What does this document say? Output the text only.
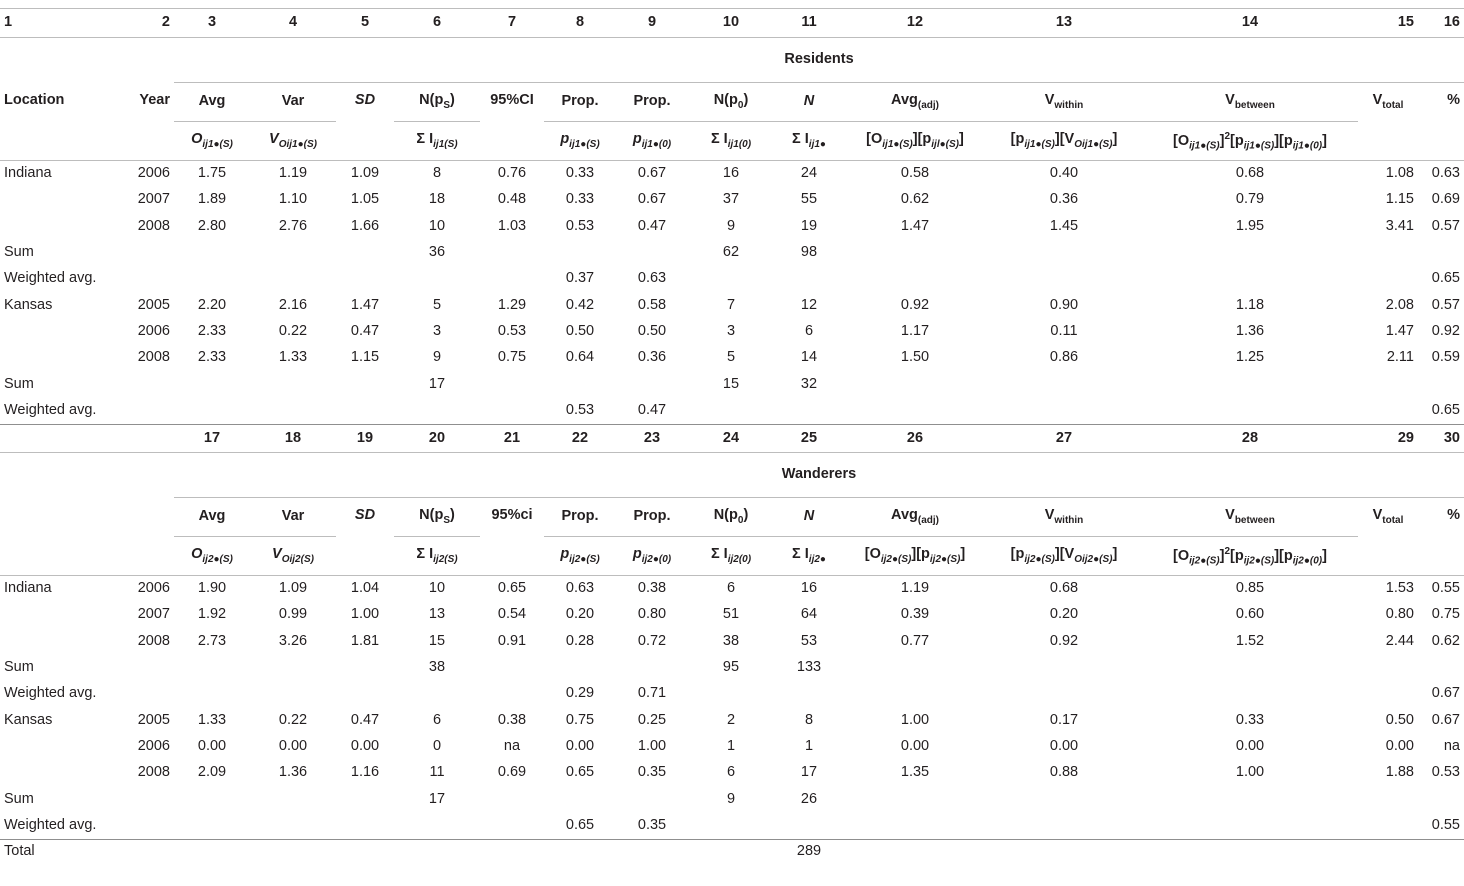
1	2	3	4	5	6	7	8	9	10	11	12	13	14	15	16
		Residents													
Location	Year	Avg	Var	SD	$N(p_S)$	95%CI	Prop.	Prop.	$N(p_0)$	N	Avg$_{(adj)}$	$V_{within}$	$V_{between}$	$V_{total}$	%
		$O_{ij1●(S)}$	$V_{Oij1●(S)}$		Σ $I_{ij1(S)}$		$p_{ij1●(S)}$	$p_{ij1●(0)}$	Σ $I_{ij1(0)}$	Σ $I_{ij1●}$	$[O_{ij1●(S)}][p_{ijl●(S)}]$	$[p_{ij1●(S)}][V_{Oij1●(S)}]$	$[O_{ij1●(S)}]^2[p_{ij1●(S)}][p_{ij1●(0)}]$		
Indiana	2006	1.75	1.19	1.09	8	0.76	0.33	0.67	16	24	0.58	0.40	0.68	1.08	0.63
	2007	1.89	1.10	1.05	18	0.48	0.33	0.67	37	55	0.62	0.36	0.79	1.15	0.69
	2008	2.80	2.76	1.66	10	1.03	0.53	0.47	9	19	1.47	1.45	1.95	3.41	0.57
Sum					36				62	98					
Weighted avg.							0.37	0.63							0.65
Kansas	2005	2.20	2.16	1.47	5	1.29	0.42	0.58	7	12	0.92	0.90	1.18	2.08	0.57
	2006	2.33	0.22	0.47	3	0.53	0.50	0.50	3	6	1.17	0.11	1.36	1.47	0.92
	2008	2.33	1.33	1.15	9	0.75	0.64	0.36	5	14	1.50	0.86	1.25	2.11	0.59
Sum					17				15	32					
Weighted avg.							0.53	0.47							0.65
		17	18	19	20	21	22	23	24	25	26	27	28	29	30
		Wanderers													
		Avg	Var	SD	$N(p_S)$	95%ci	Prop.	Prop.	$N(p_0)$	N	Avg$_{(adj)}$	$V_{within}$	$V_{between}$	$V_{total}$	%
		$O_{ij2●(S)}$	$V_{Oij2(S)}$		Σ $I_{ij2(S)}$		$p_{ij2●(S)}$	$p_{ij2●(0)}$	Σ $I_{ij2(0)}$	Σ $I_{ij2●}$	$[O_{ij2●(S)}][p_{ij2●(S)}]$	$[p_{ij2●(S)}][V_{Oij2●(S)}]$	$[O_{ij2●(S)}]^2[p_{ij2●(S)}][p_{ij2●(0)}]$		
Indiana	2006	1.90	1.09	1.04	10	0.65	0.63	0.38	6	16	1.19	0.68	0.85	1.53	0.55
	2007	1.92	0.99	1.00	13	0.54	0.20	0.80	51	64	0.39	0.20	0.60	0.80	0.75
	2008	2.73	3.26	1.81	15	0.91	0.28	0.72	38	53	0.77	0.92	1.52	2.44	0.62
Sum					38				95	133					
Weighted avg.							0.29	0.71							0.67
Kansas	2005	1.33	0.22	0.47	6	0.38	0.75	0.25	2	8	1.00	0.17	0.33	0.50	0.67
	2006	0.00	0.00	0.00	0	na	0.00	1.00	1	1	0.00	0.00	0.00	0.00	na
	2008	2.09	1.36	1.16	11	0.69	0.65	0.35	6	17	1.35	0.88	1.00	1.88	0.53
Sum					17				9	26					
Weighted avg.							0.65	0.35							0.55
Total										289					
